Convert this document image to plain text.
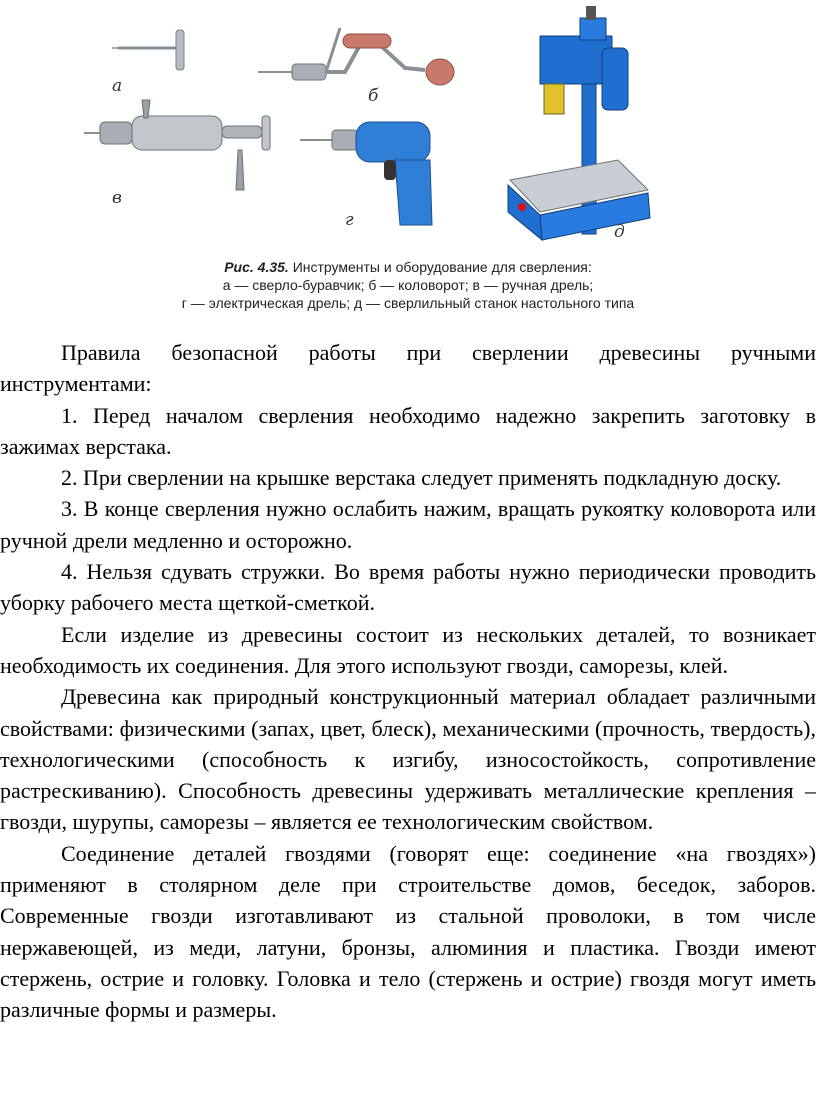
а	б
в
г
д

Рис. 4.35. Инструменты и оборудование для сверления:

а — сверло-буравчик; б — коловорот; в — ручная дрель;

г — электрическая дрель; д — сверлильный станок настольного типа

Правила безопасной работы при сверлении древесины ручными инструментами:

1. Перед началом сверления необходимо надежно закрепить заготовку в зажимах верстака.

2. При сверлении на крышке верстака следует применять подкладную доску.

3. В конце сверления нужно ослабить нажим, вращать рукоятку коловорота или ручной дрели медленно и осторожно.

4. Нельзя сдувать стружки. Во время работы нужно периодически проводить уборку рабочего места щеткой-сметкой.

Если изделие из древесины состоит из нескольких деталей, то возникает необходимость их соединения. Для этого используют гвозди, саморезы, клей.

Древесина как природный конструкционный материал обладает различными свойствами: физическими (запах, цвет, блеск), механическими (прочность, твердость), технологическими (способность к изгибу, износостойкость, сопротивление растрескиванию). Способность древесины удерживать металлические крепления – гвозди, шурупы, саморезы – является ее технологическим свойством.

Соединение деталей гвоздями (говорят еще: соединение «на гвоздях») применяют в столярном деле при строительстве домов, беседок, заборов. Современные гвозди изготавливают из стальной проволоки, в том числе нержавеющей, из меди, латуни, бронзы, алюминия и пластика. Гвозди имеют стержень, острие и головку. Головка и тело (стержень и острие) гвоздя могут иметь различные формы и размеры.
